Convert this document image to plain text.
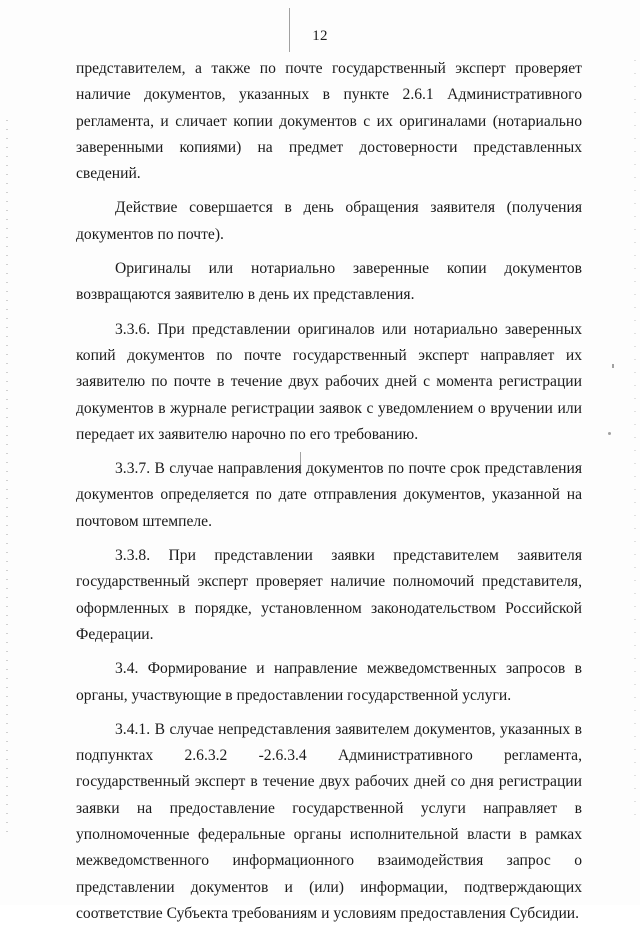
12

представителем, а также по почте государственный эксперт проверяет наличие документов, указанных в пункте 2.6.1 Административного регламента, и сличает копии документов с их оригиналами (нотариально заверенными копиями) на предмет достоверности представленных сведений.

Действие совершается в день обращения заявителя (получения документов по почте).

Оригиналы или нотариально заверенные копии документов возвращаются заявителю в день их представления.

3.3.6. При представлении оригиналов или нотариально заверенных копий документов по почте государственный эксперт направляет их заявителю по почте в течение двух рабочих дней с момента регистрации документов в журнале регистрации заявок с уведомлением о вручении или передает их заявителю нарочно по его требованию.

3.3.7. В случае направления документов по почте срок представления документов определяется по дате отправления документов, указанной на почтовом штемпеле.

3.3.8. При представлении заявки представителем заявителя государственный эксперт проверяет наличие полномочий представителя, оформленных в порядке, установленном законодательством Российской Федерации.

3.4. Формирование и направление межведомственных запросов в органы, участвующие в предоставлении государственной услуги.

3.4.1. В случае непредставления заявителем документов, указанных в подпунктах 2.6.3.2 -2.6.3.4 Административного регламента, государственный эксперт в течение двух рабочих дней со дня регистрации заявки на предоставление государственной услуги направляет в уполномоченные федеральные органы исполнительной власти в рамках межведомственного информационного взаимодействия запрос о представлении документов и (или) информации, подтверждающих соответствие Субъекта требованиям и условиям предоставления Субсидии.
